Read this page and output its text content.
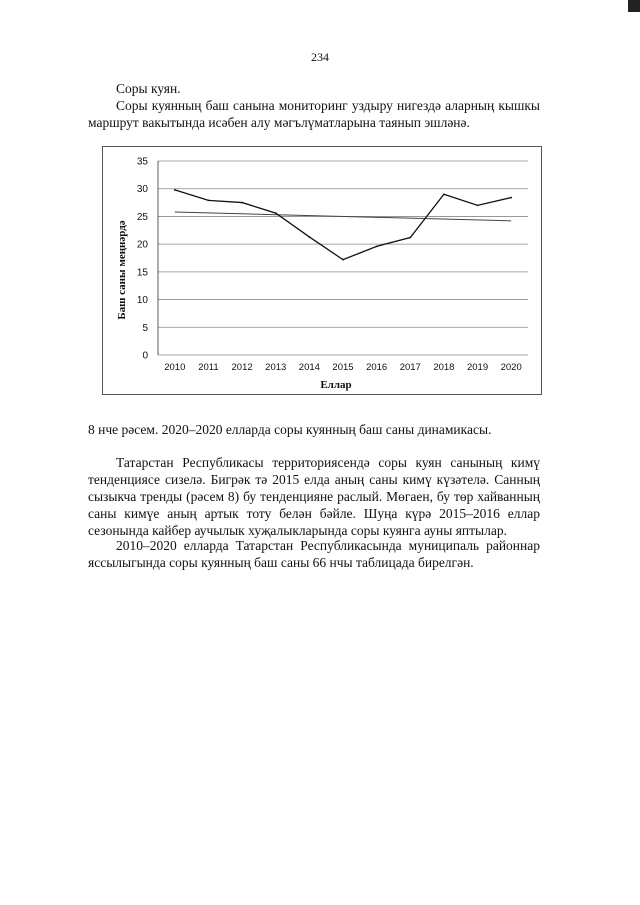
234
Соры куян.
Соры куянның баш санына мониторинг уздыру нигездә аларның кышкы маршрут вакытында исәбен алу мәгълүматларына таянып эшләнә.
Баш саны меңнәрдә
Еллар
0
5
10
15
20
25
30
35
2010 2011 2012 2013 2014 2015 2016 2017 2018 2019 2020
8 нче рәсем. 2020–2020 елларда соры куянның баш саны динамикасы.
Татарстан Республикасы территориясендә соры куян санының кимү тенденциясе сизелә. Бигрәк тә 2015 елда аның саны кимү күзәтелә. Санның сызыкча тренды (рәсем 8) бу тенденцияне раслый. Мөгаен, бу төр хайванның саны кимүе аның артык тоту белән бәйле. Шуңа күрә 2015–2016 еллар сезонында кайбер аучылык хуҗалыкларында соры куянга ауны яптылар.
2010–2020 елларда Татарстан Республикасында муниципаль районнар яссылыгында соры куянның баш саны 66 нчы таблицада бирелгән.
